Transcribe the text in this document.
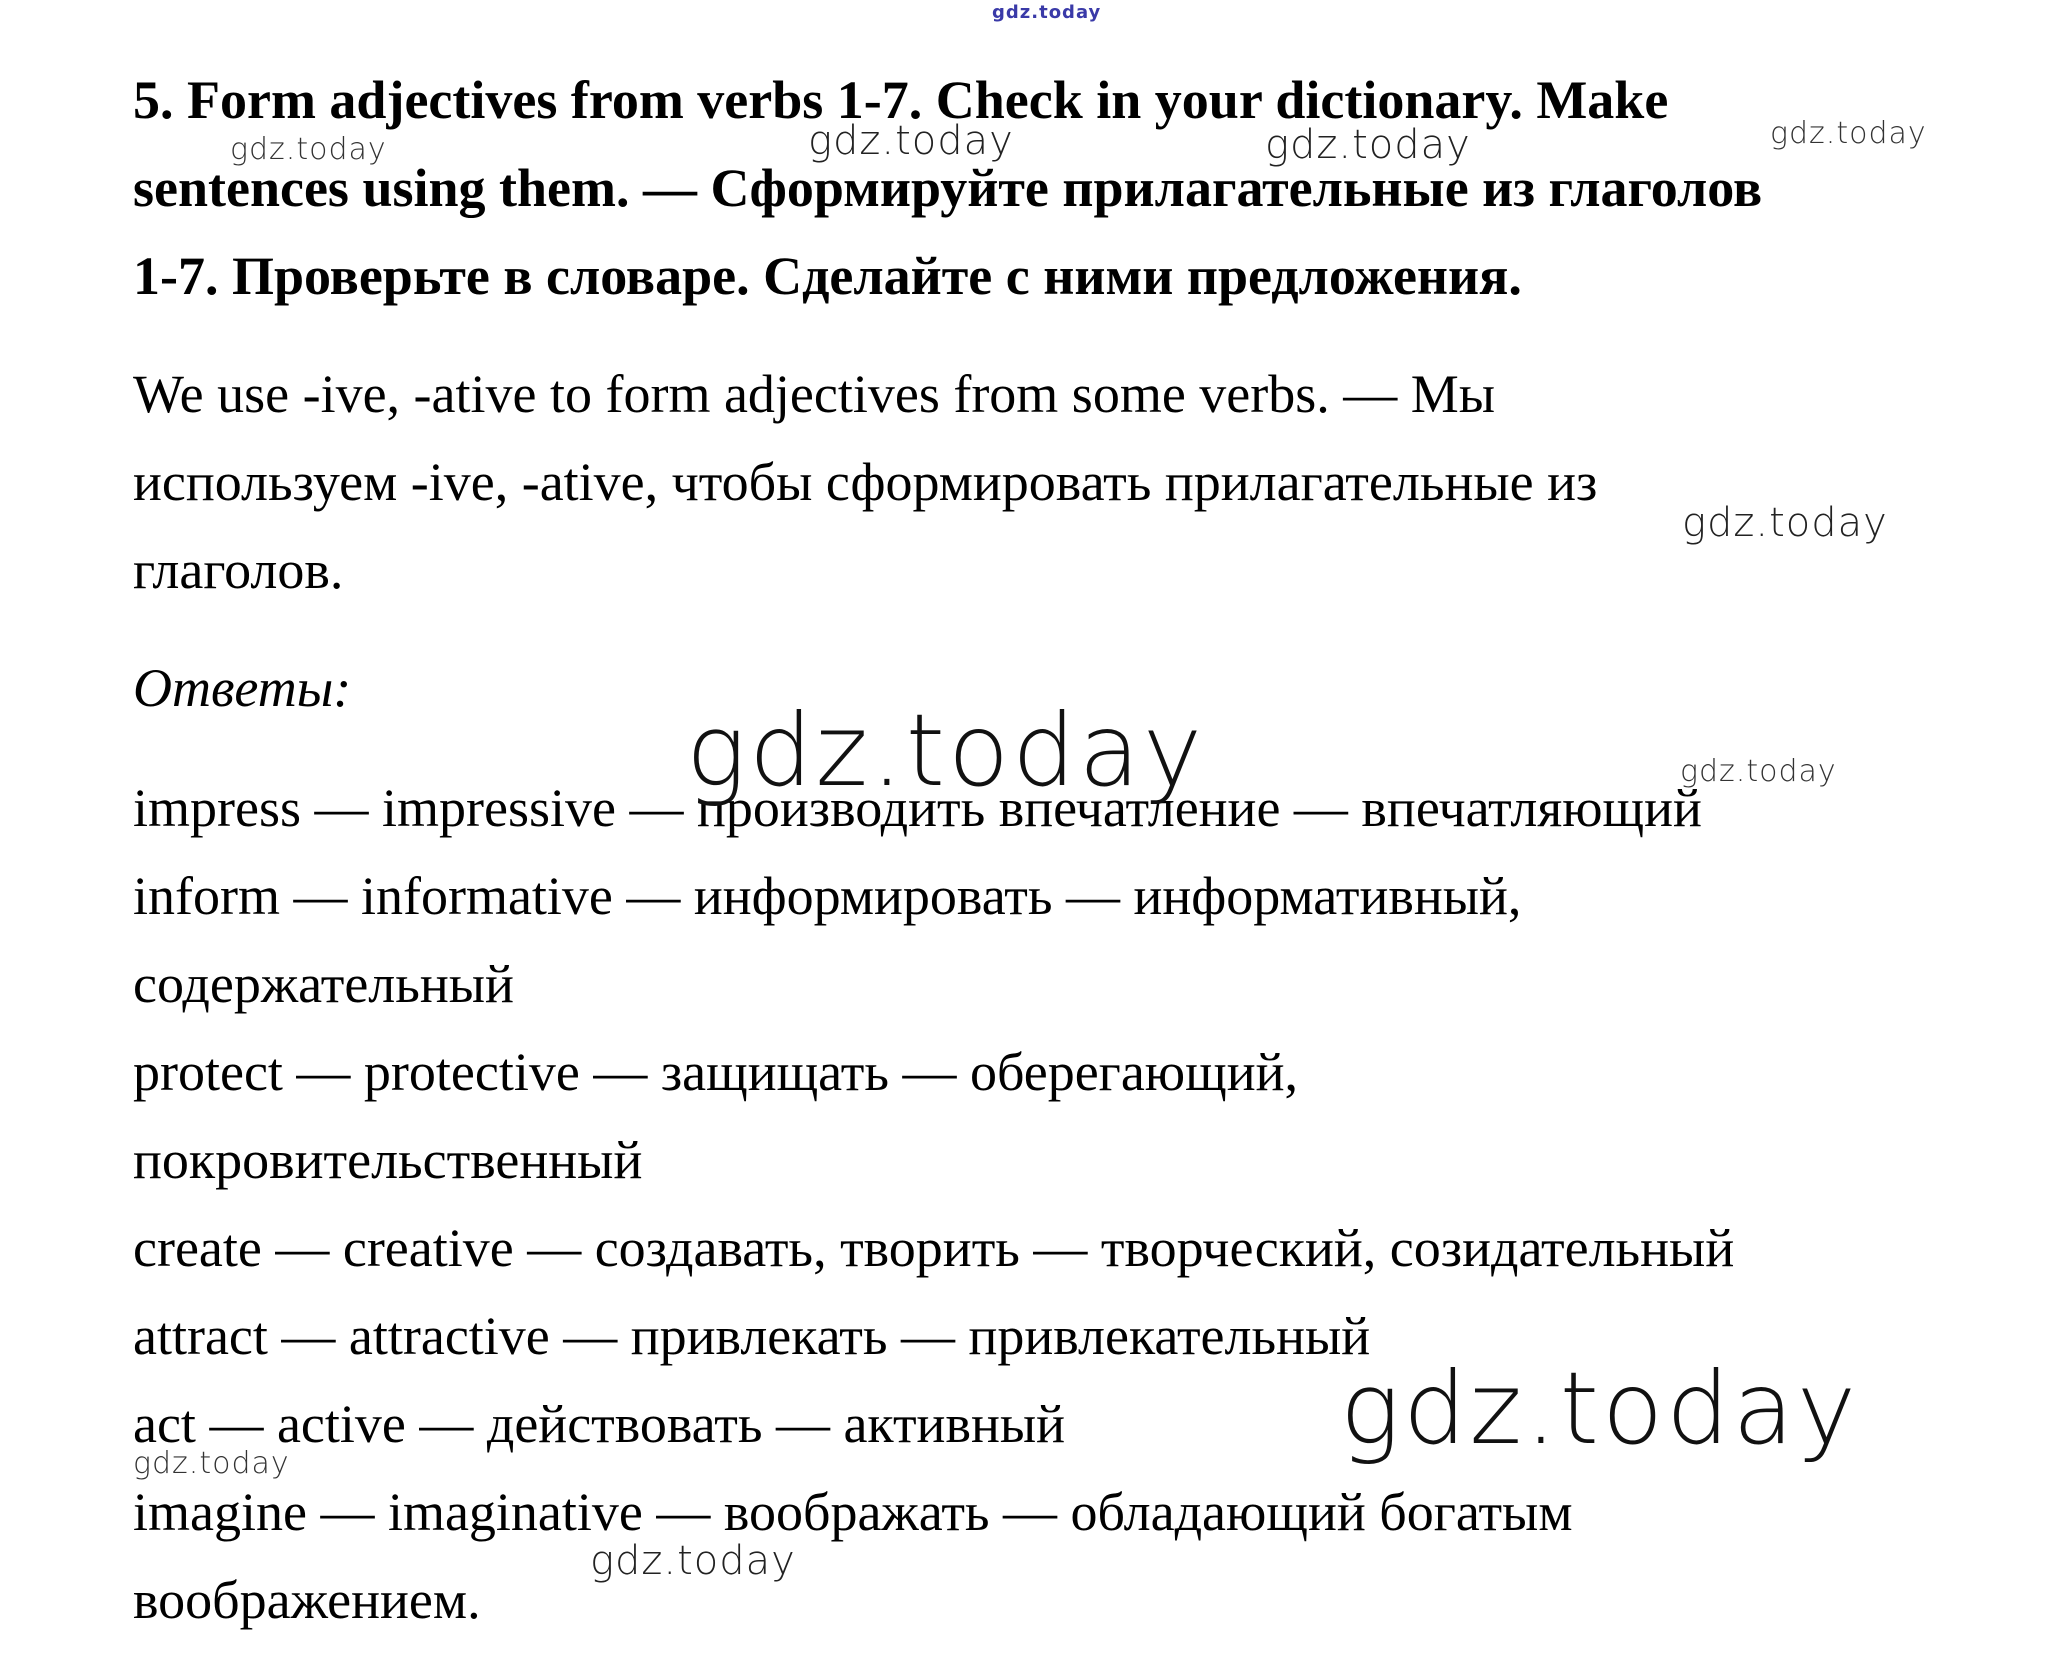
5. Form adjectives from verbs 1-7. Check in your dictionary. Make
sentences using them. — Сформируйте прилагательные из глаголов
1-7. Проверьте в словаре. Сделайте с ними предложения.
We use -ive, -ative to form adjectives from some verbs. — Мы
используем -ive, -ative, чтобы сформировать прилагательные из
глаголов.
Ответы:
impress — impressive — производить впечатление — впечатляющий
inform — informative — информировать — информативный,
содержательный
protect — protective — защищать — оберегающий,
покровительственный
create — creative — создавать, творить — творческий, созидательный
attract — attractive — привлекать — привлекательный
act — active — действовать — активный
imagine — imaginative — воображать — обладающий богатым
воображением.
gdz.today
gdz.today	gdz.today	gdz.today	gdz.today
gdz.today
gdz.today	gdz.today
gdz.today
gdz.today
gdz.today
